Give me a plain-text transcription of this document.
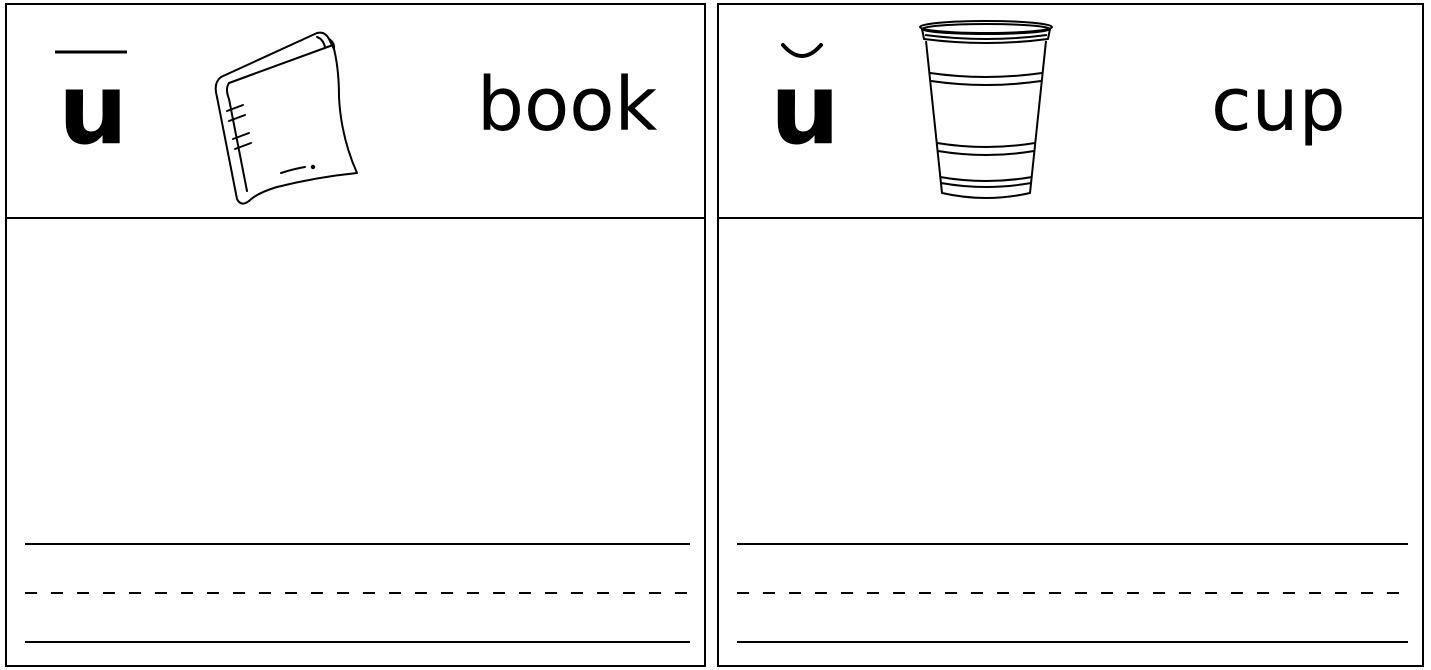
u	book u	cup
